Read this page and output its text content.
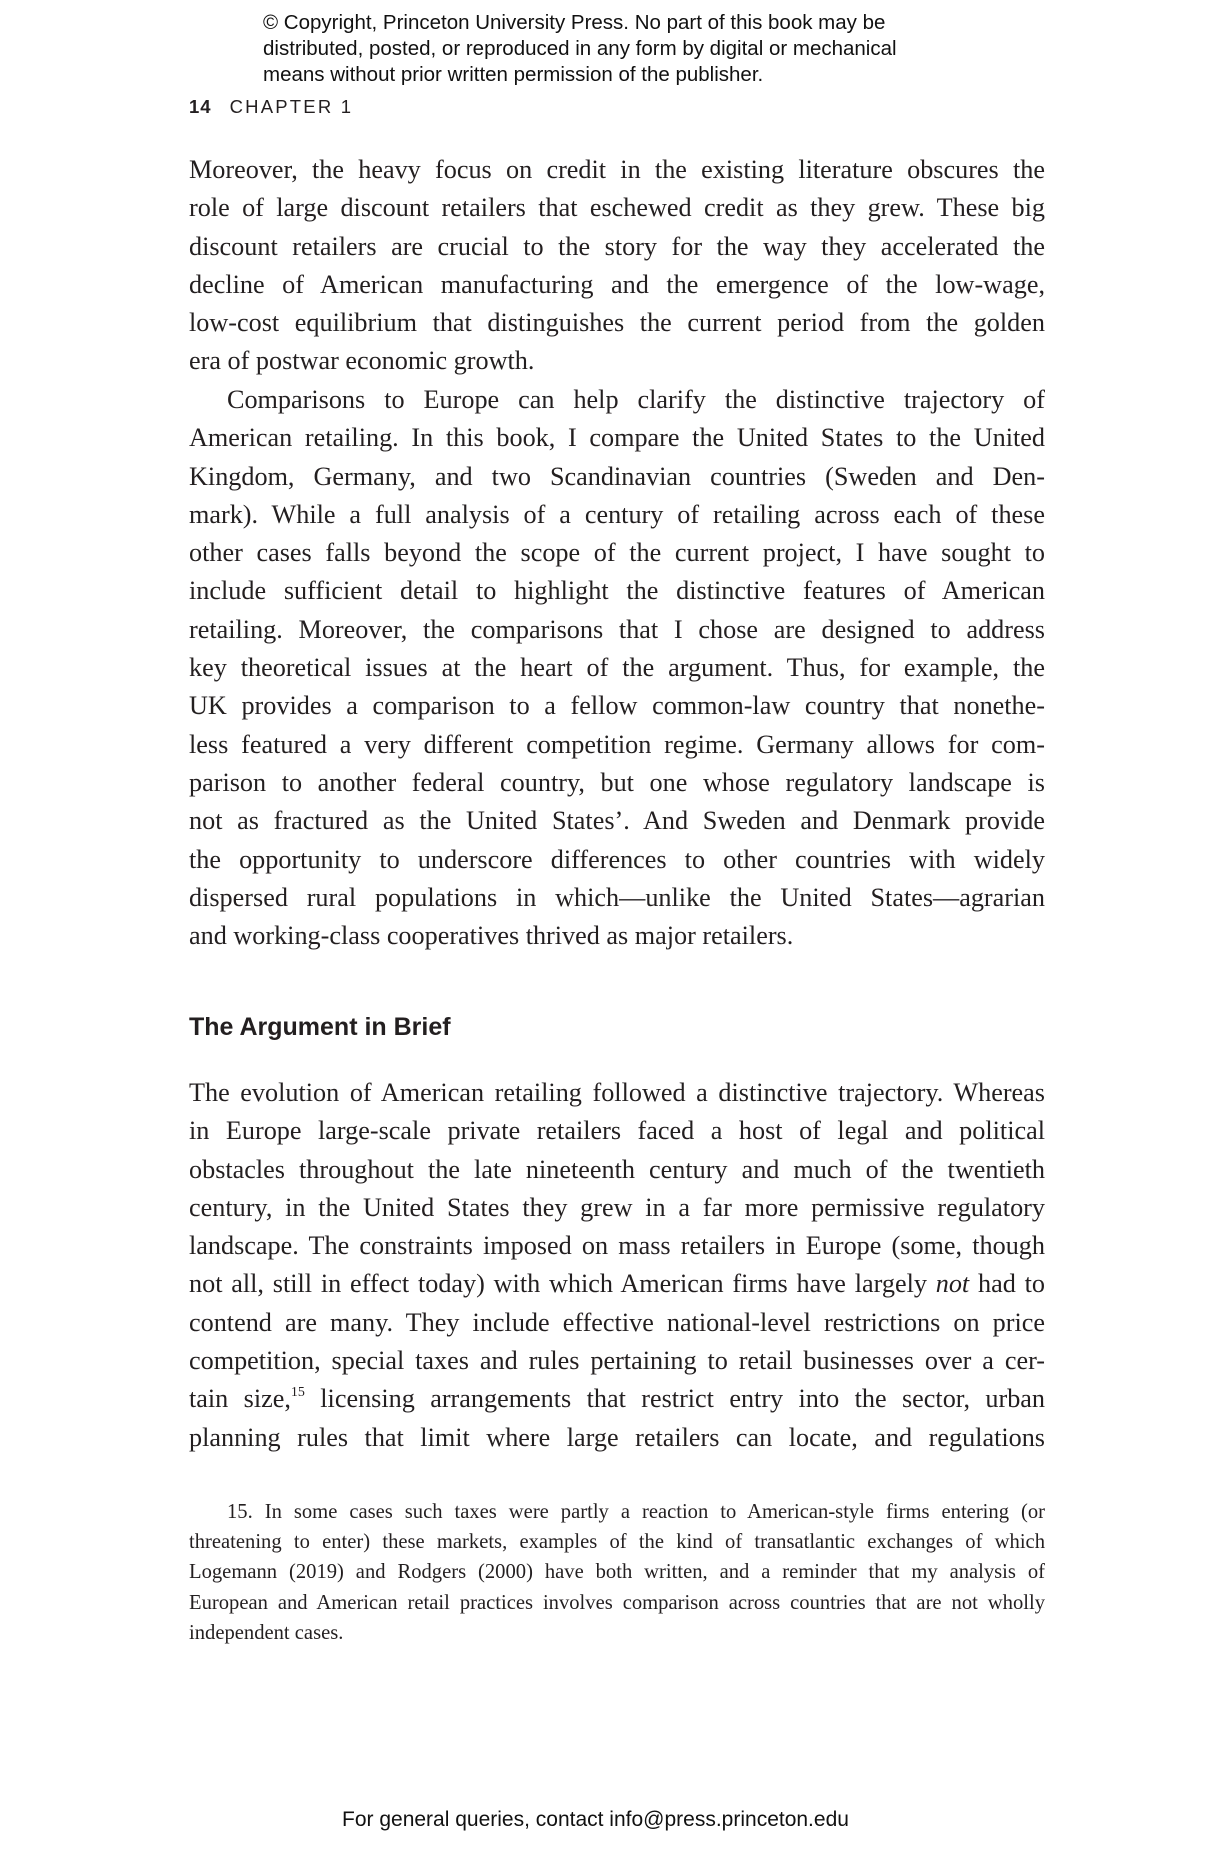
© Copyright, Princeton University Press. No part of this book may be
distributed, posted, or reproduced in any form by digital or mechanical
means without prior written permission of the publisher.
14 CHAPTER 1
Moreover, the heavy focus on credit in the existing literature obscures the
role of large discount retailers that eschewed credit as they grew. These big
discount retailers are crucial to the story for the way they accelerated the
decline of American manufacturing and the emergence of the low-wage,
low-cost equilibrium that distinguishes the current period from the golden
era of postwar economic growth.
Comparisons to Europe can help clarify the distinctive trajectory of
American retailing. In this book, I compare the United States to the United
Kingdom, Germany, and two Scandinavian countries (Sweden and Den-
mark). While a full analysis of a century of retailing across each of these
other cases falls beyond the scope of the current project, I have sought to
include sufficient detail to highlight the distinctive features of American
retailing. Moreover, the comparisons that I chose are designed to address
key theoretical issues at the heart of the argument. Thus, for example, the
UK provides a comparison to a fellow common-law country that nonethe-
less featured a very different competition regime. Germany allows for com-
parison to another federal country, but one whose regulatory landscape is
not as fractured as the United States’. And Sweden and Denmark provide
the opportunity to underscore differences to other countries with widely
dispersed rural populations in which—unlike the United States—agrarian
and working-class cooperatives thrived as major retailers.
The Argument in Brief
The evolution of American retailing followed a distinctive trajectory. Whereas
in Europe large-scale private retailers faced a host of legal and political
obstacles throughout the late nineteenth century and much of the twentieth
century, in the United States they grew in a far more permissive regulatory
landscape. The constraints imposed on mass retailers in Europe (some, though
not all, still in effect today) with which American firms have largely not had to
contend are many. They include effective national-level restrictions on price
competition, special taxes and rules pertaining to retail businesses over a cer-
tain size,$^{15}$ licensing arrangements that restrict entry into the sector, urban
planning rules that limit where large retailers can locate, and regulations
15. In some cases such taxes were partly a reaction to American-style firms entering (or
threatening to enter) these markets, examples of the kind of transatlantic exchanges of which
Logemann (2019) and Rodgers (2000) have both written, and a reminder that my analysis of
European and American retail practices involves comparison across countries that are not wholly
independent cases.

For general queries, contact info@press.princeton.edu
